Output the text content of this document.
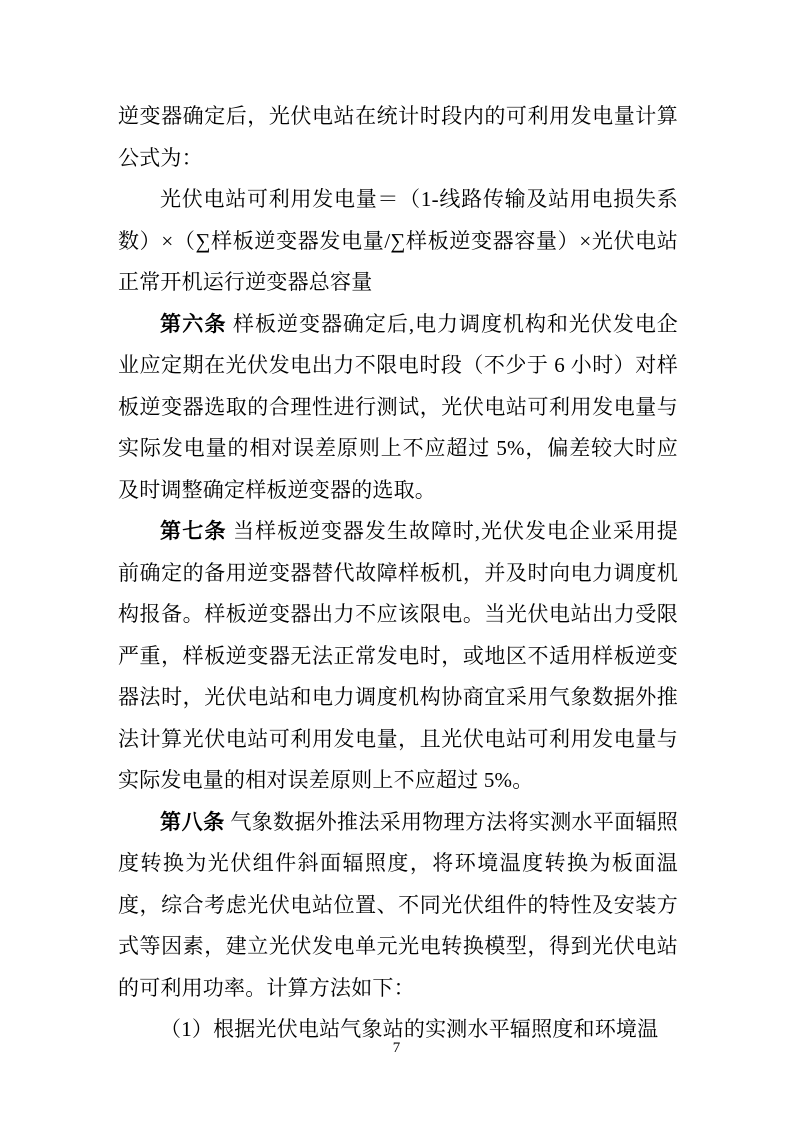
逆变器确定后，光伏电站在统计时段内的可利用发电量计算公式为：

光伏电站可利用发电量＝（1-线路传输及站用电损失系数）×（∑样板逆变器发电量/∑样板逆变器容量）×光伏电站正常开机运行逆变器总容量

第六条 样板逆变器确定后,电力调度机构和光伏发电企业应定期在光伏发电出力不限电时段（不少于 6 小时）对样板逆变器选取的合理性进行测试，光伏电站可利用发电量与实际发电量的相对误差原则上不应超过 5%，偏差较大时应及时调整确定样板逆变器的选取。

第七条 当样板逆变器发生故障时,光伏发电企业采用提前确定的备用逆变器替代故障样板机，并及时向电力调度机构报备。样板逆变器出力不应该限电。当光伏电站出力受限严重，样板逆变器无法正常发电时，或地区不适用样板逆变器法时，光伏电站和电力调度机构协商宜采用气象数据外推法计算光伏电站可利用发电量，且光伏电站可利用发电量与实际发电量的相对误差原则上不应超过 5%。

第八条 气象数据外推法采用物理方法将实测水平面辐照度转换为光伏组件斜面辐照度，将环境温度转换为板面温度，综合考虑光伏电站位置、不同光伏组件的特性及安装方式等因素，建立光伏发电单元光电转换模型，得到光伏电站的可利用功率。计算方法如下：

（1）根据光伏电站气象站的实测水平辐照度和环境温

7
